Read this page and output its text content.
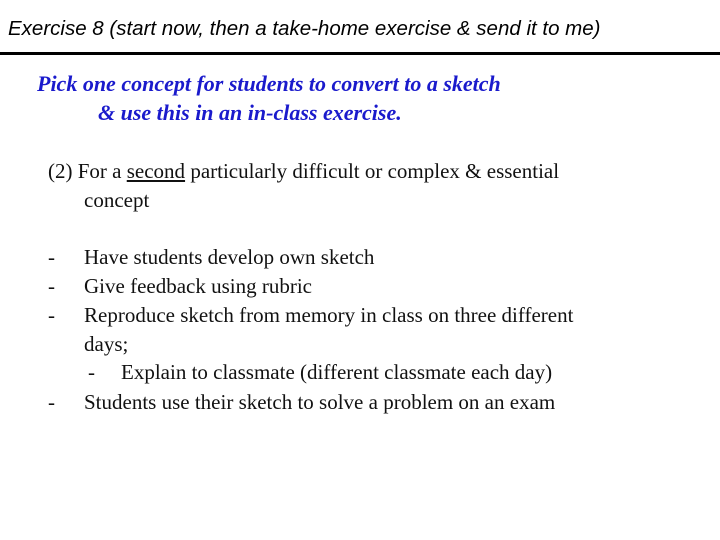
Exercise 8 (start now, then a take-home exercise & send it to me)
Pick one concept for students to convert to a sketch
& use this in an in-class exercise.
(2) For a second particularly difficult or complex & essential
concept
- Have students develop own sketch
- Give feedback using rubric
- Reproduce sketch from memory in class on three different
days;
- Explain to classmate (different classmate each day)
- Students use their sketch to solve a problem on an exam
